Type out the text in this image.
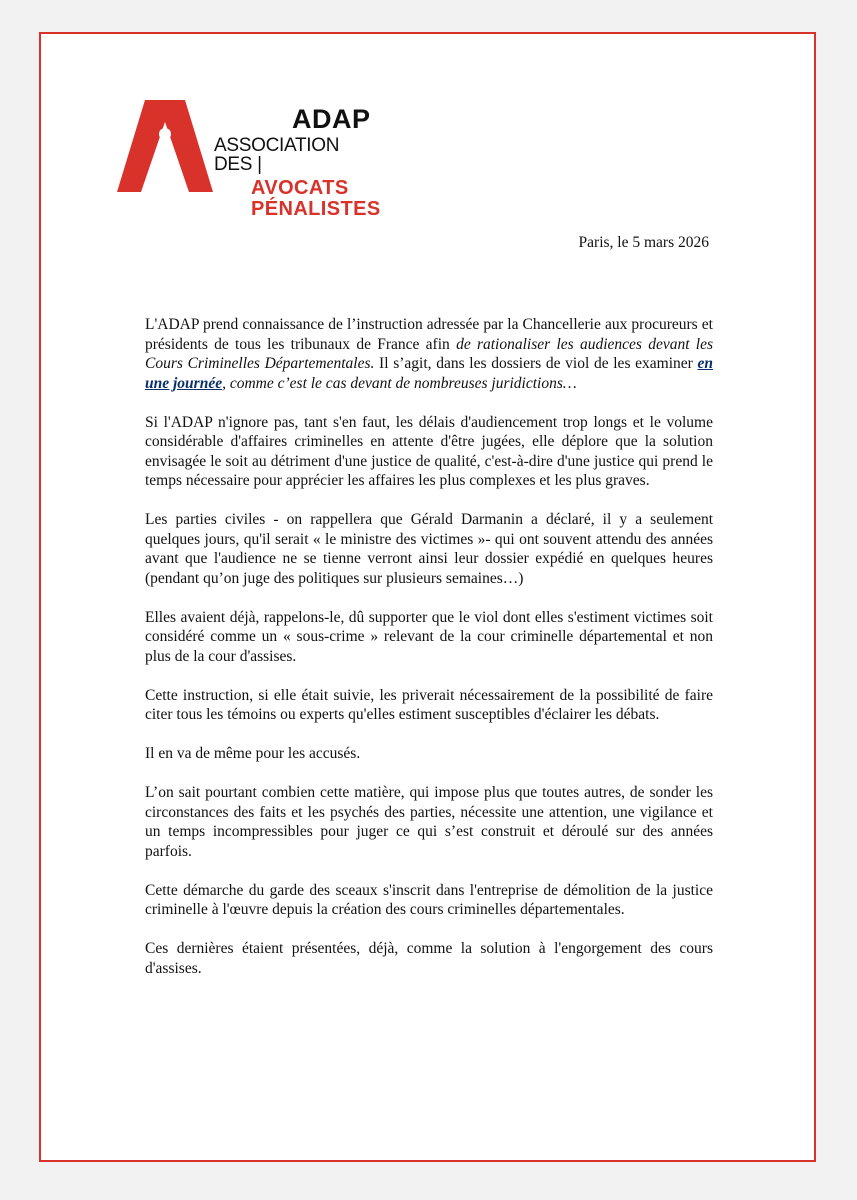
ADAP
ASSOCIATION DES |
AVOCATS
PÉNALISTES
Paris, le 5 mars 2026

L'ADAP prend connaissance de l’instruction adressée par la Chancellerie aux procureurs et présidents de tous les tribunaux de France afin de rationaliser les audiences devant les Cours Criminelles Départementales. Il s’agit, dans les dossiers de viol de les examiner en une journée, comme c’est le cas devant de nombreuses juridictions…

Si l'ADAP n'ignore pas, tant s'en faut, les délais d'audiencement trop longs et le volume considérable d'affaires criminelles en attente d'être jugées, elle déplore que la solution envisagée le soit au détriment d'une justice de qualité, c'est-à-dire d'une justice qui prend le temps nécessaire pour apprécier les affaires les plus complexes et les plus graves.

Les parties civiles - on rappellera que Gérald Darmanin a déclaré, il y a seulement quelques jours, qu'il serait « le ministre des victimes »- qui ont souvent attendu des années avant que l'audience ne se tienne verront ainsi leur dossier expédié en quelques heures (pendant qu’on juge des politiques sur plusieurs semaines…)

Elles avaient déjà, rappelons-le, dû supporter que le viol dont elles s'estiment victimes soit considéré comme un « sous-crime » relevant de la cour criminelle départemental et non plus de la cour d'assises.

Cette instruction, si elle était suivie, les priverait nécessairement de la possibilité de faire citer tous les témoins ou experts qu'elles estiment susceptibles d'éclairer les débats.

Il en va de même pour les accusés.

L’on sait pourtant combien cette matière, qui impose plus que toutes autres, de sonder les circonstances des faits et les psychés des parties, nécessite une attention, une vigilance et un temps incompressibles pour juger ce qui s’est construit et déroulé sur des années parfois.

Cette démarche du garde des sceaux s'inscrit dans l'entreprise de démolition de la justice criminelle à l'œuvre depuis la création des cours criminelles départementales.

Ces dernières étaient présentées, déjà, comme la solution à l'engorgement des cours d'assises.
